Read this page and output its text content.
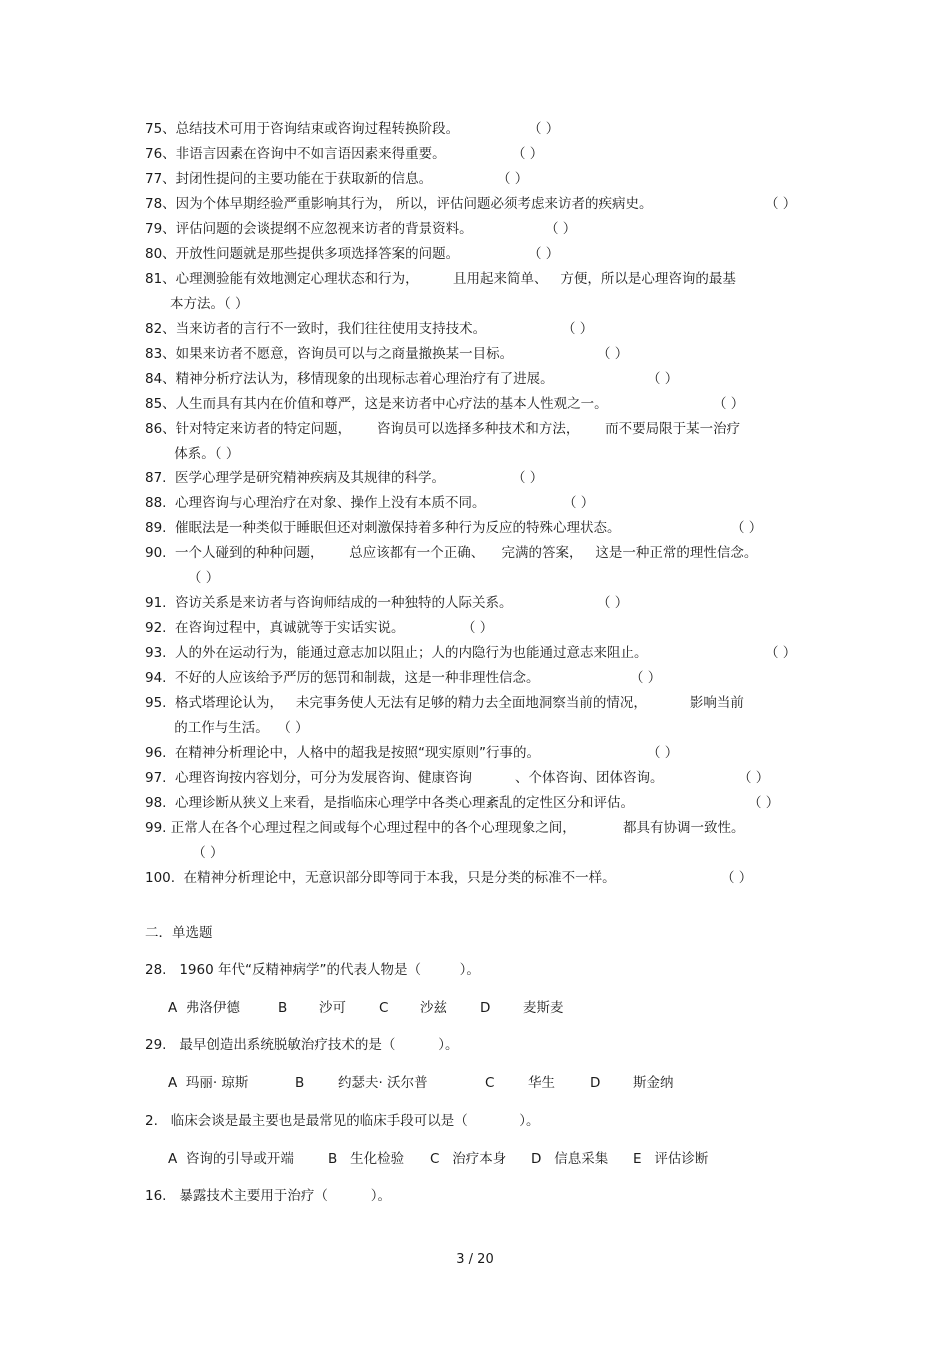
75、总结技术可用于咨询结束或咨询过程转换阶段。	（ ）
76、非语言因素在咨询中不如言语因素来得重要。	（ ）
77、封闭性提问的主要功能在于获取新的信息。	（ ）
78、因为个体早期经验严重影响其行为， 所以，评估问题必须考虑来访者的疾病史。	（ ）
79、评估问题的会谈提纲不应忽视来访者的背景资料。	（ ）
80、开放性问题就是那些提供多项选择答案的问题。	（ ）
81、心理测验能有效地测定心理状态和行为，        且用起来简单、   方便，所以是心理咨询的最基
本方法。（ ）
82、当来访者的言行不一致时，我们往往使用支持技术。	（ ）
83、如果来访者不愿意，咨询员可以与之商量撤换某一目标。	（ ）
84、精神分析疗法认为，移情现象的出现标志着心理治疗有了进展。	（ ）
85、人生而具有其内在价值和尊严，这是来访者中心疗法的基本人性观之一。	（ ）
86、针对特定来访者的特定问题，      咨询员可以选择多种技术和方法，      而不要局限于某一治疗
体系。（ ）
87.  医学心理学是研究精神疾病及其规律的科学。	（ ）
88.  心理咨询与心理治疗在对象、操作上没有本质不同。	（ ）
89.  催眠法是一种类似于睡眠但还对刺激保持着多种行为反应的特殊心理状态。	（ ）
90.  一个人碰到的种种问题，      总应该都有一个正确、    完满的答案，   这是一种正常的理性信念。
（ ）
91.  咨访关系是来访者与咨询师结成的一种独特的人际关系。	（ ）
92.  在咨询过程中，真诚就等于实话实说。	（ ）
93.  人的外在运动行为，能通过意志加以阻止；人的内隐行为也能通过意志来阻止。	（ ）
94.  不好的人应该给予严厉的惩罚和制裁，这是一种非理性信念。	（ ）
95.  格式塔理论认为，   未完事务使人无法有足够的精力去全面地洞察当前的情况，          影响当前
的工作与生活。  （ ）
96.  在精神分析理论中，人格中的超我是按照“现实原则”行事的。	（ ）
97.  心理咨询按内容划分，可分为发展咨询、健康咨询          、个体咨询、团体咨询。	（ ）
98.  心理诊断从狭义上来看，是指临床心理学中各类心理紊乱的定性区分和评估。	（ ）
99. 正常人在各个心理过程之间或每个心理过程中的各个心理现象之间，           都具有协调一致性。
（ ）
100.  在精神分析理论中，无意识部分即等同于本我，只是分类的标准不一样。	（ ）
二．单选题
28.   1960 年代“反精神病学”的代表人物是（         ）。

A  弗洛伊德

	B

沙可

C

沙兹

D

麦斯麦

29.   最早创造出系统脱敏治疗技术的是（          ）。

A  玛丽· 琼斯

	B

约瑟夫· 沃尔普

	C

华生

	D

斯金纳

2.   临床会谈是最主要也是最常见的临床手段可以是（            ）。

A  咨询的引导或开端

	B   生化检验

C   治疗本身

D   信息采集

E   评估诊断

16.   暴露技术主要用于治疗（          ）。
3 / 20
